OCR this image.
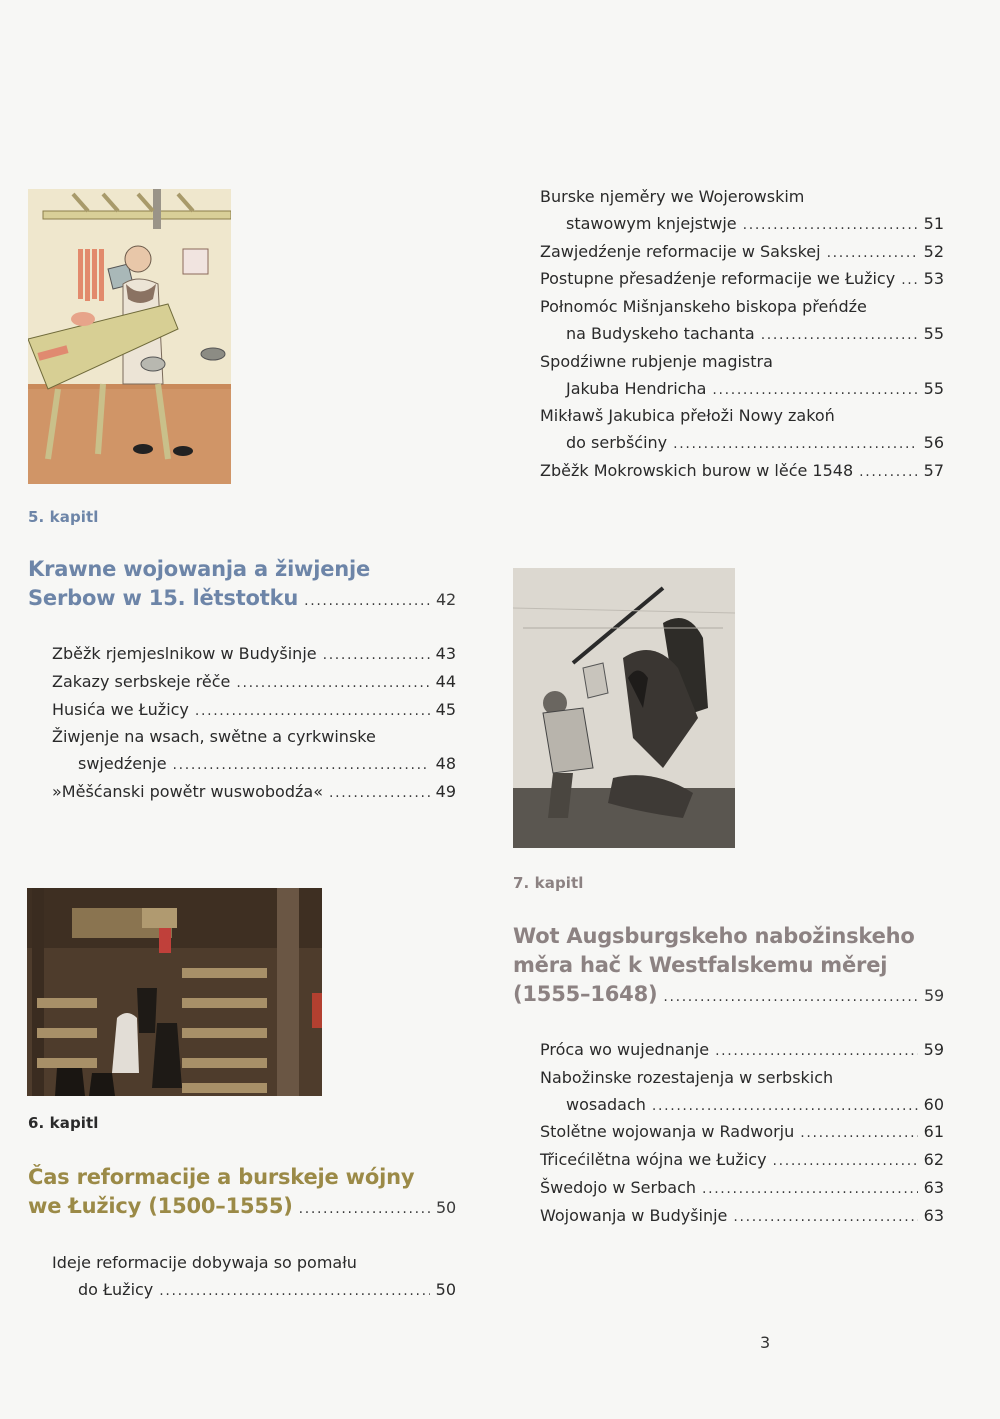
5. kapitl
Krawne wojowanja a žiwjenje
Serbow w 15. lětstotku . . .	42
Zběžk rjemjeslnikow w Budyšinje . . .	43
Zakazy serbskeje rěče . . .	44
Husića we Łužicy . . .	45
Žiwjenje na wsach, swětne a cyrkwinske
swjedźenje . . .	48
»Měšćanski powětr wuswobodźa« . . .	49
6. kapitl
Čas reformacije a burskeje wójny
we Łužicy (1500–1555) . . .	50
Ideje reformacije dobywaja so pomału
do Łužicy . . .	50
Burske njeměry we Wojerowskim
stawowym knjejstwje . . .	51
Zawjedźenje reformacije w Sakskej . . .	52
Postupne přesadźenje reformacije we Łužicy . . . 53
Połnomóc Mišnjanskeho biskopa přeńdźe
na Budyskeho tachanta . . .	55
Spodźiwne rubjenje magistra
Jakuba Hendricha . . .	55
Mikławš Jakubica přełoži Nowy zakoń
do serbšćiny . . .	56
Zběžk Mokrowskich burow w lěće 1548 . . .	57
7. kapitl
Wot Augsburgskeho nabožinskeho
měra hač k Westfalskemu měrej
(1555–1648) . . .	59
Próca wo wujednanje . . .	59
Nabožinske rozestajenja w serbskich
wosadach . . .	60
Stolětne wojowanja w Radworju . . .	61
Třicećilětna wójna we Łužicy . . .	62
Šwedojo w Serbach . . .	63
Wojowanja w Budyšinje . . .	63
3
